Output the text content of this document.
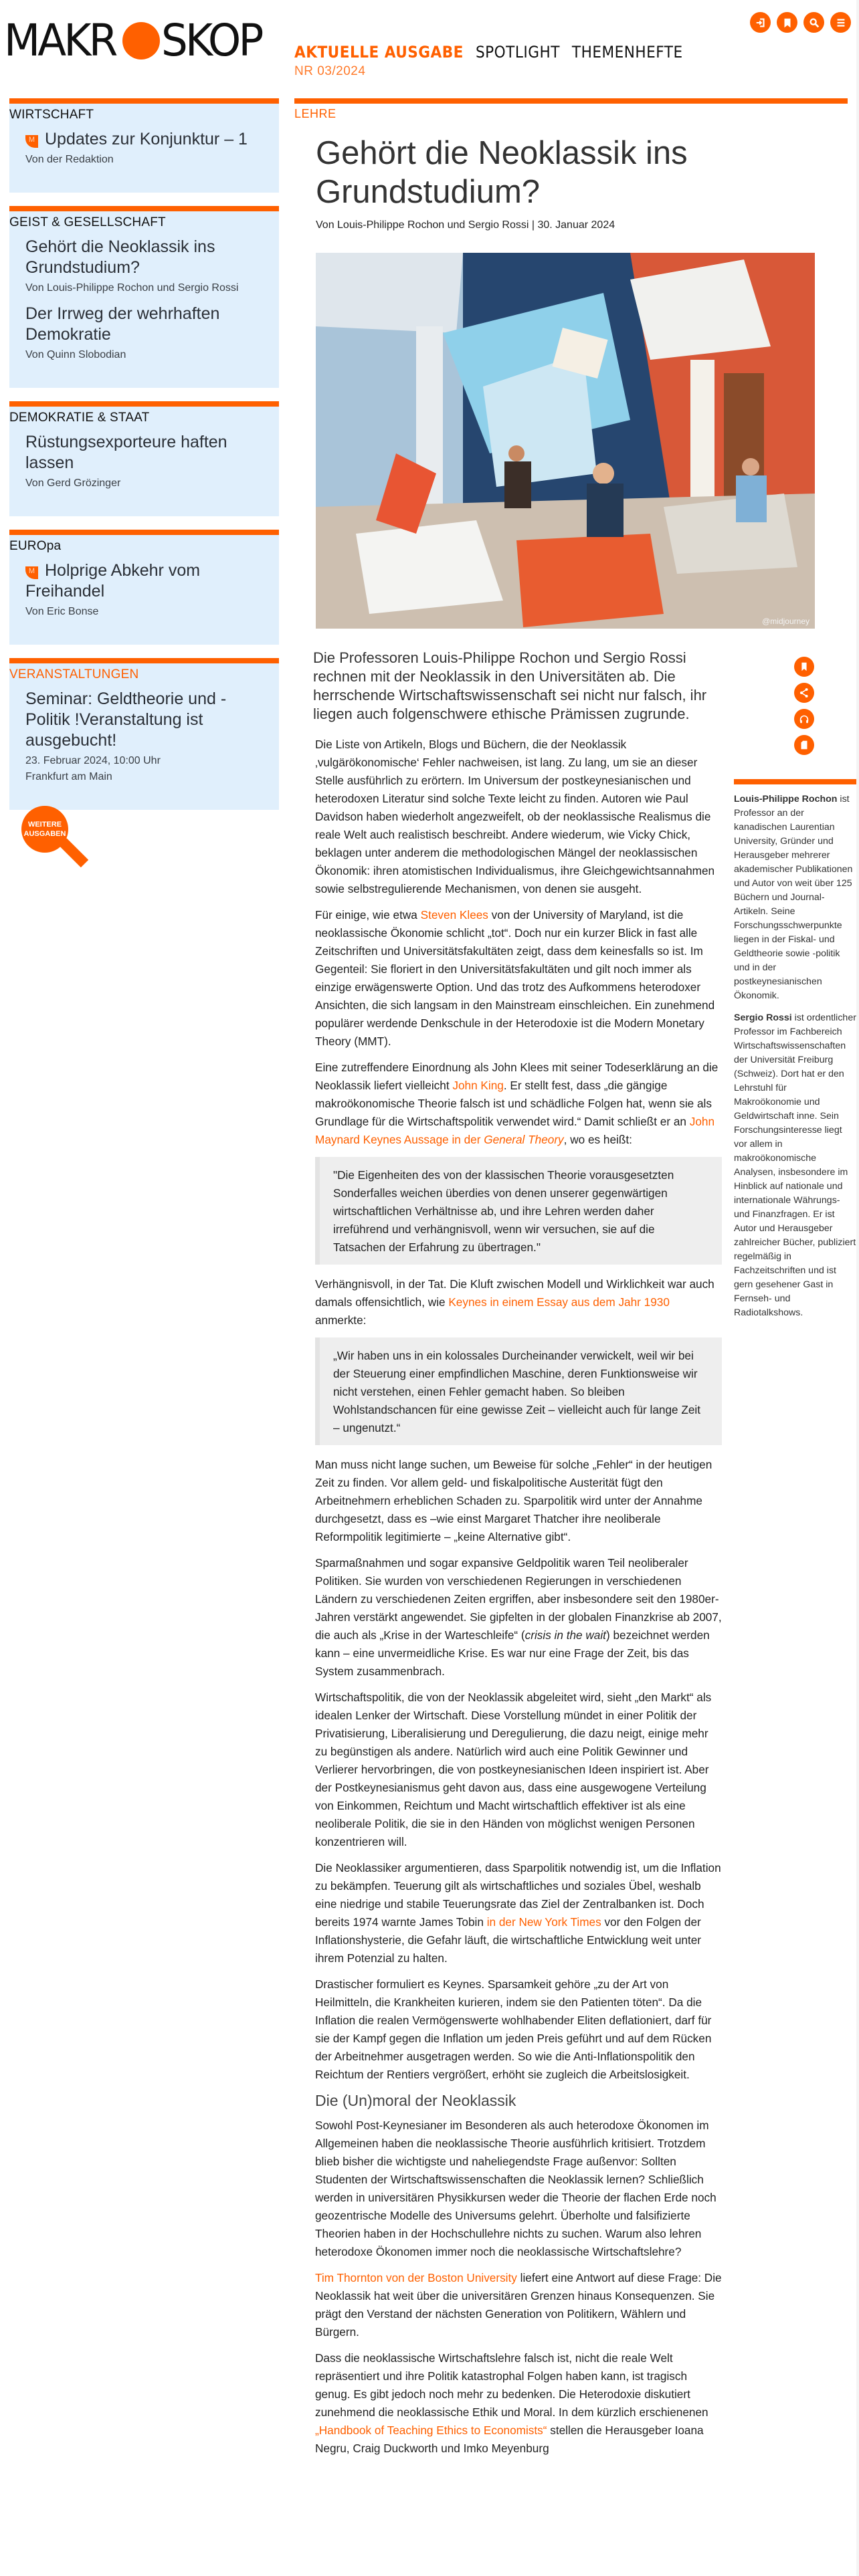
MAKR SKOP AKTUELLE AUSGABE SPOTLIGHT THEMENHEFTE
NR 03/2024
WIRTSCHAFT
M Updates zur Konjunktur – 1
Von der Redaktion
GEIST & GESELLSCHAFT
Gehört die Neoklassik ins Grundstudium?
Von Louis-Philippe Rochon und Sergio Rossi
Der Irrweg der wehrhaften Demokratie
Von Quinn Slobodian
DEMOKRATIE & STAAT
Rüstungsexporteure haften lassen
Von Gerd Grözinger
EUROpa
M Holprige Abkehr vom Freihandel
Von Eric Bonse
VERANSTALTUNGEN
Seminar: Geldtheorie und -Politik !Veranstaltung ist ausgebucht!
23. Februar 2024, 10:00 Uhr
Frankfurt am Main
WEITERE AUSGABEN
LEHRE
Gehört die Neoklassik ins Grundstudium?
Von Louis-Philippe Rochon und Sergio Rossi | 30. Januar 2024
@midjourney

Die Professoren Louis-Philippe Rochon und Sergio Rossi rechnen mit der Neoklassik in den Universitäten ab. Die herrschende Wirtschaftswissenschaft sei nicht nur falsch, ihr liegen auch folgenschwere ethische Prämissen zugrunde.

Die Liste von Artikeln, Blogs und Büchern, die der Neoklassik ‚vulgärökonomische‘ Fehler nachweisen, ist lang. Zu lang, um sie an dieser Stelle ausführlich zu erörtern. Im Universum der postkeynesianischen und heterodoxen Literatur sind solche Texte leicht zu finden. Autoren wie Paul Davidson haben wiederholt angezweifelt, ob der neoklassische Realismus die reale Welt auch realistisch beschreibt. Andere wiederum, wie Vicky Chick, beklagen unter anderem die methodologischen Mängel der neoklassischen Ökonomik: ihren atomistischen Individualismus, ihre Gleichgewichtsannahmen sowie selbstregulierende Mechanismen, von denen sie ausgeht.

Für einige, wie etwa Steven Klees von der University of Maryland, ist die neoklassische Ökonomie schlicht „tot“. Doch nur ein kurzer Blick in fast alle Zeitschriften und Universitätsfakultäten zeigt, dass dem keinesfalls so ist. Im Gegenteil: Sie floriert in den Universitätsfakultäten und gilt noch immer als einzige erwägenswerte Option. Und das trotz des Aufkommens heterodoxer Ansichten, die sich langsam in den Mainstream einschleichen. Ein zunehmend populärer werdende Denkschule in der Heterodoxie ist die Modern Monetary Theory (MMT).

Eine zutreffendere Einordnung als John Klees mit seiner Todeserklärung an die Neoklassik liefert vielleicht John King. Er stellt fest, dass „die gängige makroökonomische Theorie falsch ist und schädliche Folgen hat, wenn sie als Grundlage für die Wirtschaftspolitik verwendet wird.“ Damit schließt er an John Maynard Keynes Aussage in der General Theory, wo es heißt:

"Die Eigenheiten des von der klassischen Theorie vorausgesetzten Sonderfalles weichen überdies von denen unserer gegenwärtigen wirtschaftlichen Verhältnisse ab, und ihre Lehren werden daher irreführend und verhängnisvoll, wenn wir versuchen, sie auf die Tatsachen der Erfahrung zu übertragen."

Verhängnisvoll, in der Tat. Die Kluft zwischen Modell und Wirklichkeit war auch damals offensichtlich, wie Keynes in einem Essay aus dem Jahr 1930 anmerkte:

„Wir haben uns in ein kolossales Durcheinander verwickelt, weil wir bei der Steuerung einer empfindlichen Maschine, deren Funktionsweise wir nicht verstehen, einen Fehler gemacht haben. So bleiben Wohlstandschancen für eine gewisse Zeit – vielleicht auch für lange Zeit – ungenutzt.“

Man muss nicht lange suchen, um Beweise für solche „Fehler“ in der heutigen Zeit zu finden. Vor allem geld- und fiskalpolitische Austerität fügt den Arbeitnehmern erheblichen Schaden zu. Sparpolitik wird unter der Annahme durchgesetzt, dass es –wie einst Margaret Thatcher ihre neoliberale Reformpolitik legitimierte – „keine Alternative gibt“.

Sparmaßnahmen und sogar expansive Geldpolitik waren Teil neoliberaler Politiken. Sie wurden von verschiedenen Regierungen in verschiedenen Ländern zu verschiedenen Zeiten ergriffen, aber insbesondere seit den 1980er-Jahren verstärkt angewendet. Sie gipfelten in der globalen Finanzkrise ab 2007, die auch als „Krise in der Warteschleife“ (crisis in the wait) bezeichnet werden kann – eine unvermeidliche Krise. Es war nur eine Frage der Zeit, bis das System zusammenbrach.

Wirtschaftspolitik, die von der Neoklassik abgeleitet wird, sieht „den Markt“ als idealen Lenker der Wirtschaft. Diese Vorstellung mündet in einer Politik der Privatisierung, Liberalisierung und Deregulierung, die dazu neigt, einige mehr zu begünstigen als andere. Natürlich wird auch eine Politik Gewinner und Verlierer hervorbringen, die von postkeynesianischen Ideen inspiriert ist. Aber der Postkeynesianismus geht davon aus, dass eine ausgewogene Verteilung von Einkommen, Reichtum und Macht wirtschaftlich effektiver ist als eine neoliberale Politik, die sie in den Händen von möglichst wenigen Personen konzentrieren will.

Die Neoklassiker argumentieren, dass Sparpolitik notwendig ist, um die Inflation zu bekämpfen. Teuerung gilt als wirtschaftliches und soziales Übel, weshalb eine niedrige und stabile Teuerungsrate das Ziel der Zentralbanken ist. Doch bereits 1974 warnte James Tobin in der New York Times vor den Folgen der Inflationshysterie, die Gefahr läuft, die wirtschaftliche Entwicklung weit unter ihrem Potenzial zu halten.

Drastischer formuliert es Keynes. Sparsamkeit gehöre „zu der Art von Heilmitteln, die Krankheiten kurieren, indem sie den Patienten töten“. Da die Inflation die realen Vermögenswerte wohlhabender Eliten deflationiert, darf für sie der Kampf gegen die Inflation um jeden Preis geführt und auf dem Rücken der Arbeitnehmer ausgetragen werden. So wie die Anti-Inflationspolitik den Reichtum der Rentiers vergrößert, erhöht sie zugleich die Arbeitslosigkeit.

Die (Un)moral der Neoklassik

Sowohl Post-Keynesianer im Besonderen als auch heterodoxe Ökonomen im Allgemeinen haben die neoklassische Theorie ausführlich kritisiert. Trotzdem blieb bisher die wichtigste und naheliegendste Frage außenvor: Sollten Studenten der Wirtschaftswissenschaften die Neoklassik lernen? Schließlich werden in universitären Physikkursen weder die Theorie der flachen Erde noch geozentrische Modelle des Universums gelehrt. Überholte und falsifizierte Theorien haben in der Hochschullehre nichts zu suchen. Warum also lehren heterodoxe Ökonomen immer noch die neoklassische Wirtschaftslehre?

Tim Thornton von der Boston University liefert eine Antwort auf diese Frage: Die Neoklassik hat weit über die universitären Grenzen hinaus Konsequenzen. Sie prägt den Verstand der nächsten Generation von Politikern, Wählern und Bürgern.

Dass die neoklassische Wirtschaftslehre falsch ist, nicht die reale Welt repräsentiert und ihre Politik katastrophal Folgen haben kann, ist tragisch genug. Es gibt jedoch noch mehr zu bedenken. Die Heterodoxie diskutiert zunehmend die neoklassische Ethik und Moral. In dem kürzlich erschienenen „Handbook of Teaching Ethics to Economists“ stellen die Herausgeber Ioana Negru, Craig Duckworth und Imko Meyenburg

Louis-Philippe Rochon ist Professor an der kanadischen Laurentian University, Gründer und Herausgeber mehrerer akademischer Publikationen und Autor von weit über 125 Büchern und Journal-Artikeln. Seine Forschungsschwerpunkte liegen in der Fiskal- und Geldtheorie sowie -politik und in der postkeynesianischen Ökonomik.

Sergio Rossi ist ordentlicher Professor im Fachbereich Wirtschaftswissenschaften der Universität Freiburg (Schweiz). Dort hat er den Lehrstuhl für Makroökonomie und Geldwirtschaft inne. Sein Forschungsinteresse liegt vor allem in makroökonomische Analysen, insbesondere im Hinblick auf nationale und internationale Währungs- und Finanzfragen. Er ist Autor und Herausgeber zahlreicher Bücher, publiziert regelmäßig in Fachzeitschriften und ist gern gesehener Gast in Fernseh- und Radiotalkshows.
